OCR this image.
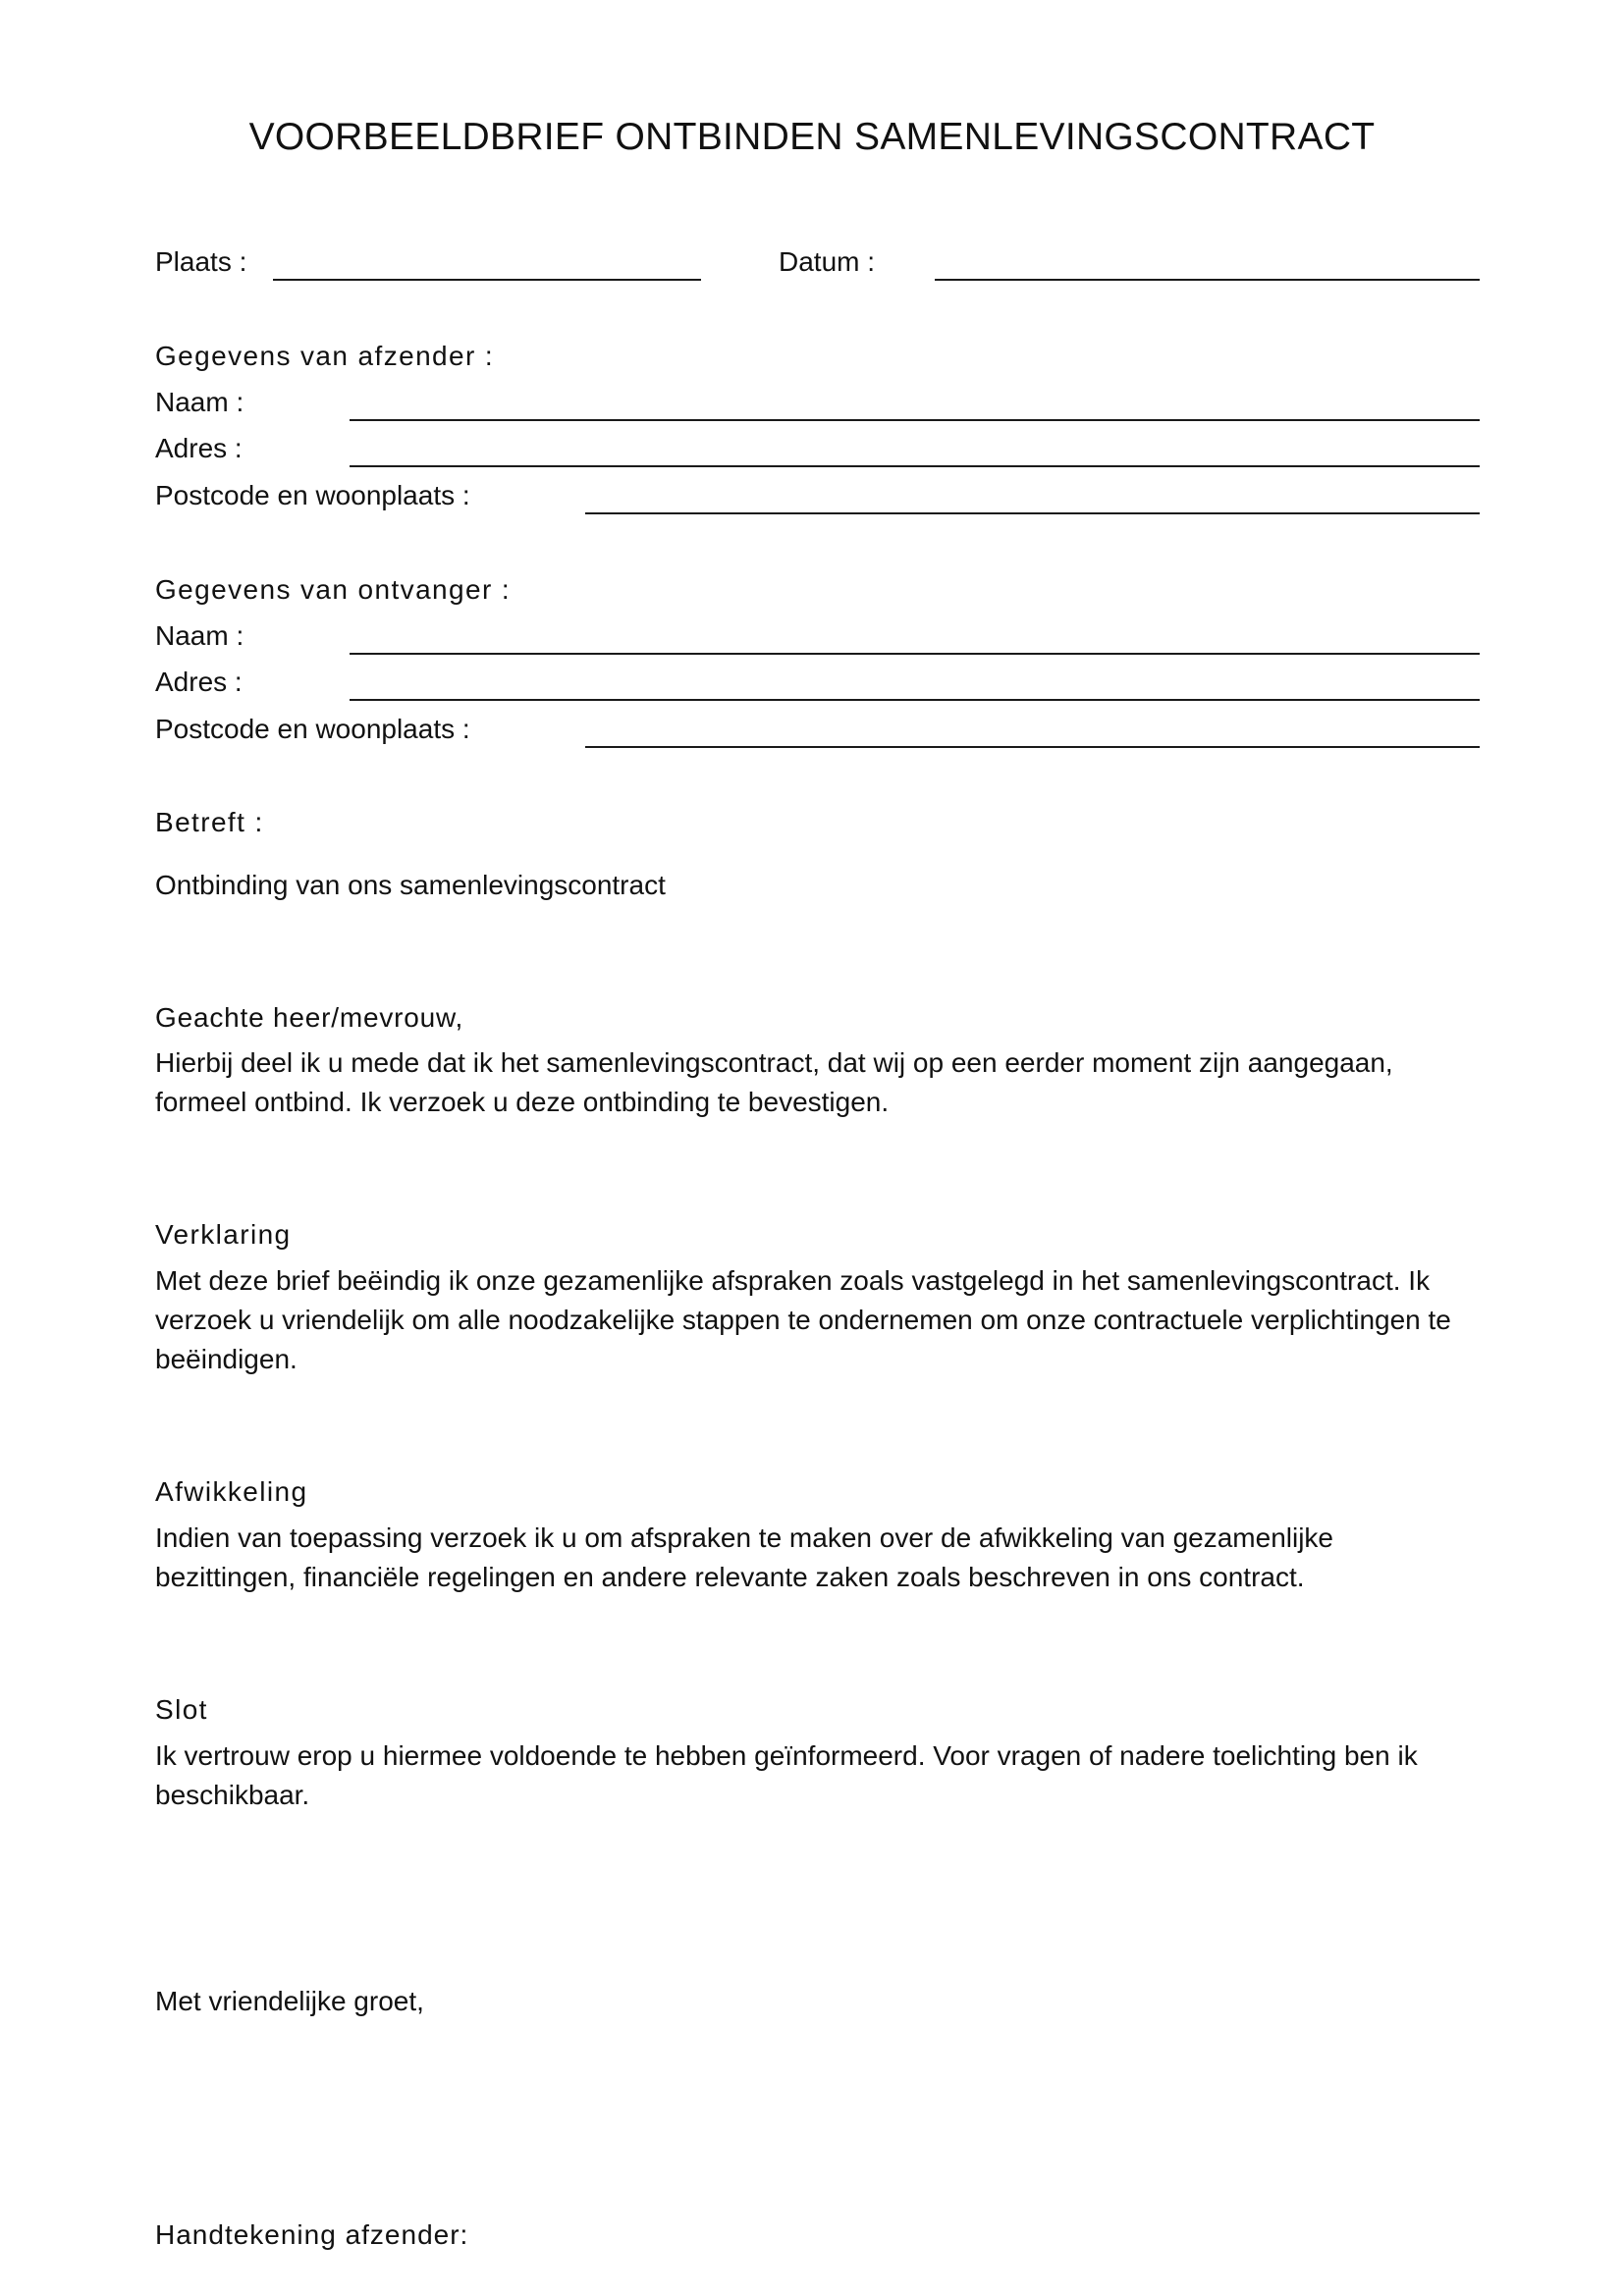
VOORBEELDBRIEF ONTBINDEN SAMENLEVINGSCONTRACT
Plaats :	Datum :
Gegevens van afzender :
Naam :
Adres :
Postcode en woonplaats :
Gegevens van ontvanger :
Naam :
Adres :
Postcode en woonplaats :
Betreft :
Ontbinding van ons samenlevingscontract
Geachte heer/mevrouw,
Hierbij deel ik u mede dat ik het samenlevingscontract, dat wij op een eerder moment zijn aangegaan,
formeel ontbind. Ik verzoek u deze ontbinding te bevestigen.
Verklaring
Met deze brief beëindig ik onze gezamenlijke afspraken zoals vastgelegd in het samenlevingscontract. Ik
verzoek u vriendelijk om alle noodzakelijke stappen te ondernemen om onze contractuele verplichtingen te
beëindigen.
Afwikkeling
Indien van toepassing verzoek ik u om afspraken te maken over de afwikkeling van gezamenlijke
bezittingen, financiële regelingen en andere relevante zaken zoals beschreven in ons contract.
Slot
Ik vertrouw erop u hiermee voldoende te hebben geïnformeerd. Voor vragen of nadere toelichting ben ik
beschikbaar.
Met vriendelijke groet,
Handtekening afzender:
